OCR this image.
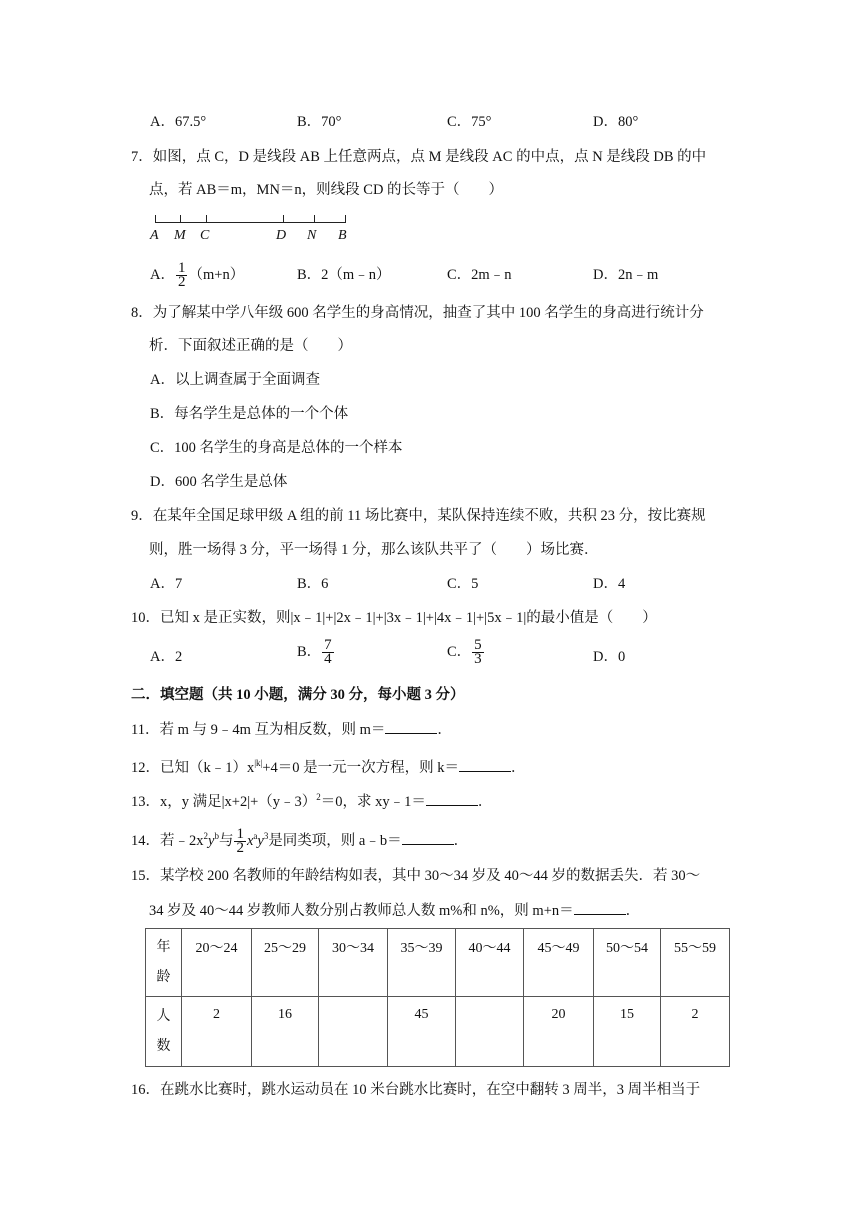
A．67.5°	B．70°	C．75°	D．80°
7．如图，点 C，D 是线段 AB 上任意两点，点 M 是线段 AC 的中点，点 N 是线段 DB 的中
点，若 AB＝m，MN＝n，则线段 CD 的长等于（　　）
A M C	D N B
A． $\frac{1}{2} (m+n)$	B．2（m﹣n）	C．2m﹣n	D．2n﹣m
8．为了解某中学八年级 600 名学生的身高情况，抽查了其中 100 名学生的身高进行统计分
析．下面叙述正确的是（　　）
A．以上调查属于全面调查
B．每名学生是总体的一个个体
C．100 名学生的身高是总体的一个样本
D．600 名学生是总体
9．在某年全国足球甲级 A 组的前 11 场比赛中，某队保持连续不败，共积 23 分，按比赛规
则，胜一场得 3 分，平一场得 1 分，那么该队共平了（　　）场比赛．
A．7	B．6	C．5	D．4
10．已知 x 是正实数，则|x﹣1|+|2x﹣1|+|3x﹣1|+|4x﹣1|+|5x﹣1|的最小值是（　　）
A．2	B． $\frac{7}{4}$	C． $\frac{5}{3}$	D．0
二．填空题（共 10 小题，满分 30 分，每小题 3 分）
11．若 m 与 9﹣4m 互为相反数，则 m＝	．
12．已知$(k﹣1)x^{|k|}+4=0$ 是一元一次方程，则 k＝	．
13．x，y 满足|x+2|+（y﹣3）$^2$＝0，求 xy﹣1＝	．
14．若$﹣2x^2y^b$与 $\frac{1}{2} x^ay^3$是同类项，则 a﹣b＝	．
15．某学校 200 名教师的年龄结构如表，其中 30～34 岁及 40～44 岁的数据丢失．若 30～
34 岁及 40～44 岁教师人数分别占教师总人数 m%和 n%，则 m+n＝	．
年
龄	20～24	25～29	30～34	35～39	40～44	45～49	50～54	55～59
人
数	2	16		45		20	15	2
16．在跳水比赛时，跳水运动员在 10 米台跳水比赛时，在空中翻转 3 周半，3 周半相当于
